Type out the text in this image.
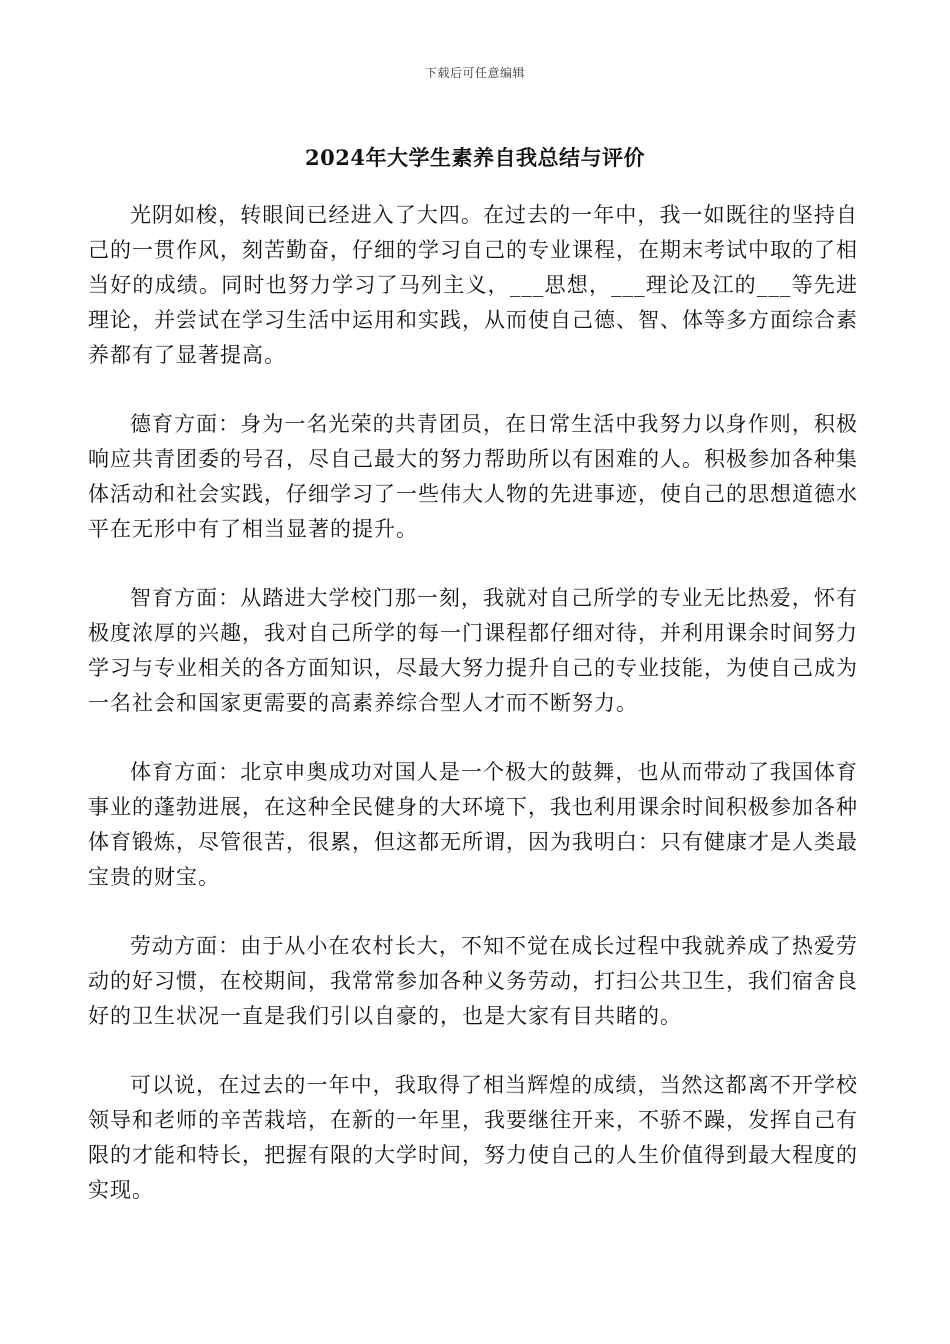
下载后可任意编辑
2024年大学生素养自我总结与评价

光阴如梭，转眼间已经进入了大四。在过去的一年中，我一如既往的坚持自己的一贯作风，刻苦勤奋，仔细的学习自己的专业课程，在期末考试中取的了相当好的成绩。同时也努力学习了马列主义，___思想，___理论及江的___等先进理论，并尝试在学习生活中运用和实践，从而使自己德、智、体等多方面综合素养都有了显著提高。

德育方面：身为一名光荣的共青团员，在日常生活中我努力以身作则，积极响应共青团委的号召，尽自己最大的努力帮助所以有困难的人。积极参加各种集体活动和社会实践，仔细学习了一些伟大人物的先进事迹，使自己的思想道德水平在无形中有了相当显著的提升。

智育方面：从踏进大学校门那一刻，我就对自己所学的专业无比热爱，怀有极度浓厚的兴趣，我对自己所学的每一门课程都仔细对待，并利用课余时间努力学习与专业相关的各方面知识，尽最大努力提升自己的专业技能，为使自己成为一名社会和国家更需要的高素养综合型人才而不断努力。

体育方面：北京申奥成功对国人是一个极大的鼓舞，也从而带动了我国体育事业的蓬勃进展，在这种全民健身的大环境下，我也利用课余时间积极参加各种体育锻炼，尽管很苦，很累，但这都无所谓，因为我明白：只有健康才是人类最宝贵的财宝。

劳动方面：由于从小在农村长大，不知不觉在成长过程中我就养成了热爱劳动的好习惯，在校期间，我常常参加各种义务劳动，打扫公共卫生，我们宿舍良好的卫生状况一直是我们引以自豪的，也是大家有目共睹的。

可以说，在过去的一年中，我取得了相当辉煌的成绩，当然这都离不开学校领导和老师的辛苦栽培，在新的一年里，我要继往开来，不骄不躁，发挥自己有限的才能和特长，把握有限的大学时间，努力使自己的人生价值得到最大程度的实现。
